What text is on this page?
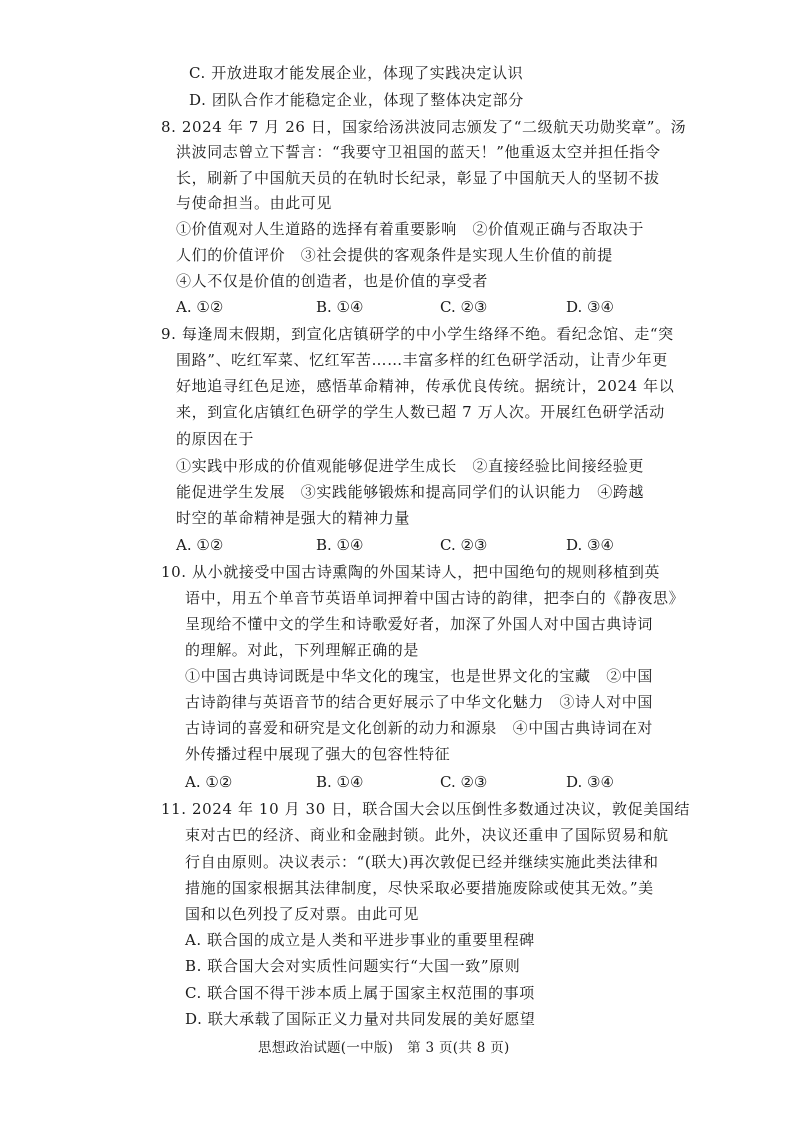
C. 开放进取才能发展企业，体现了实践决定认识
D. 团队合作才能稳定企业，体现了整体决定部分
8. 2024 年 7 月 26 日，国家给汤洪波同志颁发了“二级航天功勋奖章”。汤
洪波同志曾立下誓言：“我要守卫祖国的蓝天！”他重返太空并担任指令
长，刷新了中国航天员的在轨时长纪录，彰显了中国航天人的坚韧不拔
与使命担当。由此可见
①价值观对人生道路的选择有着重要影响　②价值观正确与否取决于
人们的价值评价　③社会提供的客观条件是实现人生价值的前提
④人不仅是价值的创造者，也是价值的享受者
A. ①②	B. ①④	C. ②③	D. ③④
9. 每逢周末假期，到宣化店镇研学的中小学生络绎不绝。看纪念馆、走“突
围路”、吃红军菜、忆红军苦……丰富多样的红色研学活动，让青少年更
好地追寻红色足迹，感悟革命精神，传承优良传统。据统计，2024 年以
来，到宣化店镇红色研学的学生人数已超 7 万人次。开展红色研学活动
的原因在于
①实践中形成的价值观能够促进学生成长　②直接经验比间接经验更
能促进学生发展　③实践能够锻炼和提高同学们的认识能力　④跨越
时空的革命精神是强大的精神力量
A. ①②	B. ①④	C. ②③	D. ③④
10. 从小就接受中国古诗熏陶的外国某诗人，把中国绝句的规则移植到英
语中，用五个单音节英语单词押着中国古诗的韵律，把李白的《静夜思》
呈现给不懂中文的学生和诗歌爱好者，加深了外国人对中国古典诗词
的理解。对此，下列理解正确的是
①中国古典诗词既是中华文化的瑰宝，也是世界文化的宝藏　②中国
古诗韵律与英语音节的结合更好展示了中华文化魅力　③诗人对中国
古诗词的喜爱和研究是文化创新的动力和源泉　④中国古典诗词在对
外传播过程中展现了强大的包容性特征
A. ①②	B. ①④	C. ②③	D. ③④
11. 2024 年 10 月 30 日，联合国大会以压倒性多数通过决议，敦促美国结
束对古巴的经济、商业和金融封锁。此外，决议还重申了国际贸易和航
行自由原则。决议表示：“(联大)再次敦促已经并继续实施此类法律和
措施的国家根据其法律制度，尽快采取必要措施废除或使其无效。”美
国和以色列投了反对票。由此可见
A. 联合国的成立是人类和平进步事业的重要里程碑
B. 联合国大会对实质性问题实行“大国一致”原则
C. 联合国不得干涉本质上属于国家主权范围的事项
D. 联大承载了国际正义力量对共同发展的美好愿望
思想政治试题(一中版)　第 3 页(共 8 页)
